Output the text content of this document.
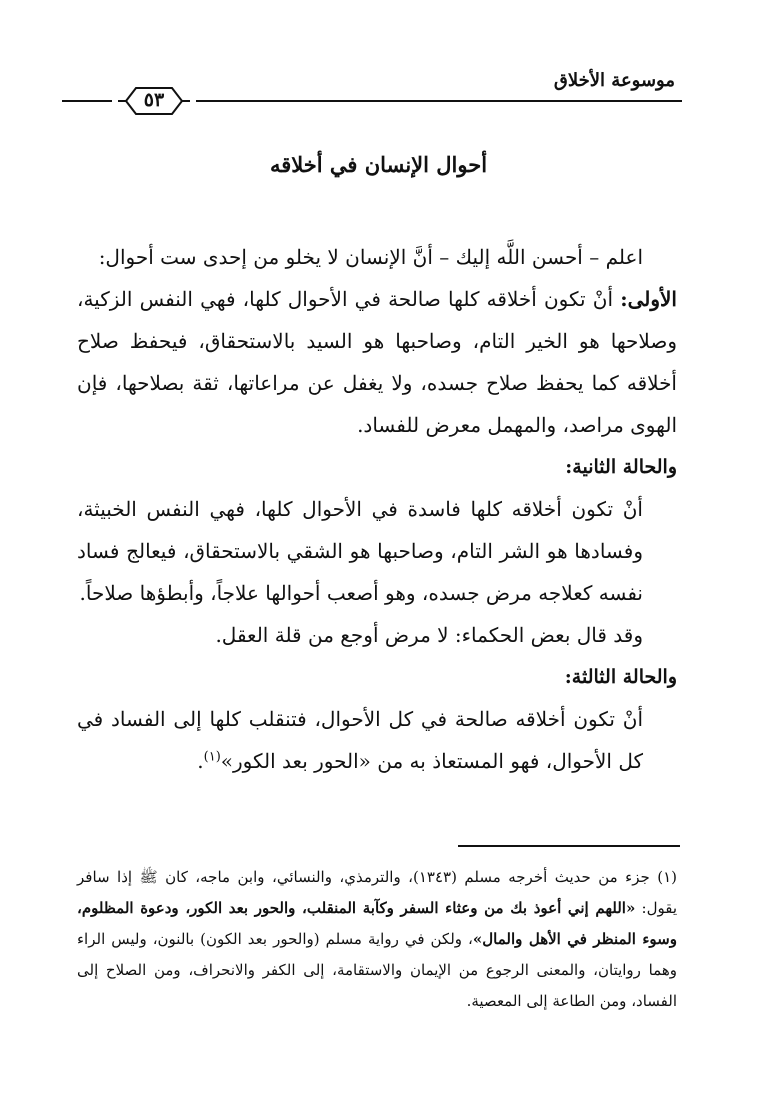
موسوعة الأخلاق
٥٣
أحوال الإنسان في أخلاقه

اعلم – أحسن اللَّه إليك – أنَّ الإنسان لا يخلو من إحدى ست أحوال:

الأولى: أنْ تكون أخلاقه كلها صالحة في الأحوال كلها، فهي النفس الزكية، وصلاحها هو الخير التام، وصاحبها هو السيد بالاستحقاق، فيحفظ صلاح أخلاقه كما يحفظ صلاح جسده، ولا يغفل عن مراعاتها، ثقة بصلاحها، فإن الهوى مراصد، والمهمل معرض للفساد.

والحالة الثانية:

أنْ تكون أخلاقه كلها فاسدة في الأحوال كلها، فهي النفس الخبيثة، وفسادها هو الشر التام، وصاحبها هو الشقي بالاستحقاق، فيعالج فساد نفسه كعلاجه مرض جسده، وهو أصعب أحوالها علاجاً، وأبطؤها صلاحاً.

وقد قال بعض الحكماء: لا مرض أوجع من قلة العقل.

والحالة الثالثة:

أنْ تكون أخلاقه صالحة في كل الأحوال، فتنقلب كلها إلى الفساد في كل الأحوال، فهو المستعاذ به من «الحور بعد الكور»$^{(١)}$.

(١) جزء من حديث أخرجه مسلم (١٣٤٣)، والترمذي، والنسائي، وابن ماجه، كان ﷺ إذا سافر يقول: «اللهم إني أعوذ بك من وعثاء السفر وكآبة المنقلب، والحور بعد الكور، ودعوة المظلوم، وسوء المنظر في الأهل والمال»، ولكن في رواية مسلم (والحور بعد الكون) بالنون، وليس الراء وهما روايتان، والمعنى الرجوع من الإيمان والاستقامة، إلى الكفر والانحراف، ومن الصلاح إلى الفساد، ومن الطاعة إلى المعصية.
